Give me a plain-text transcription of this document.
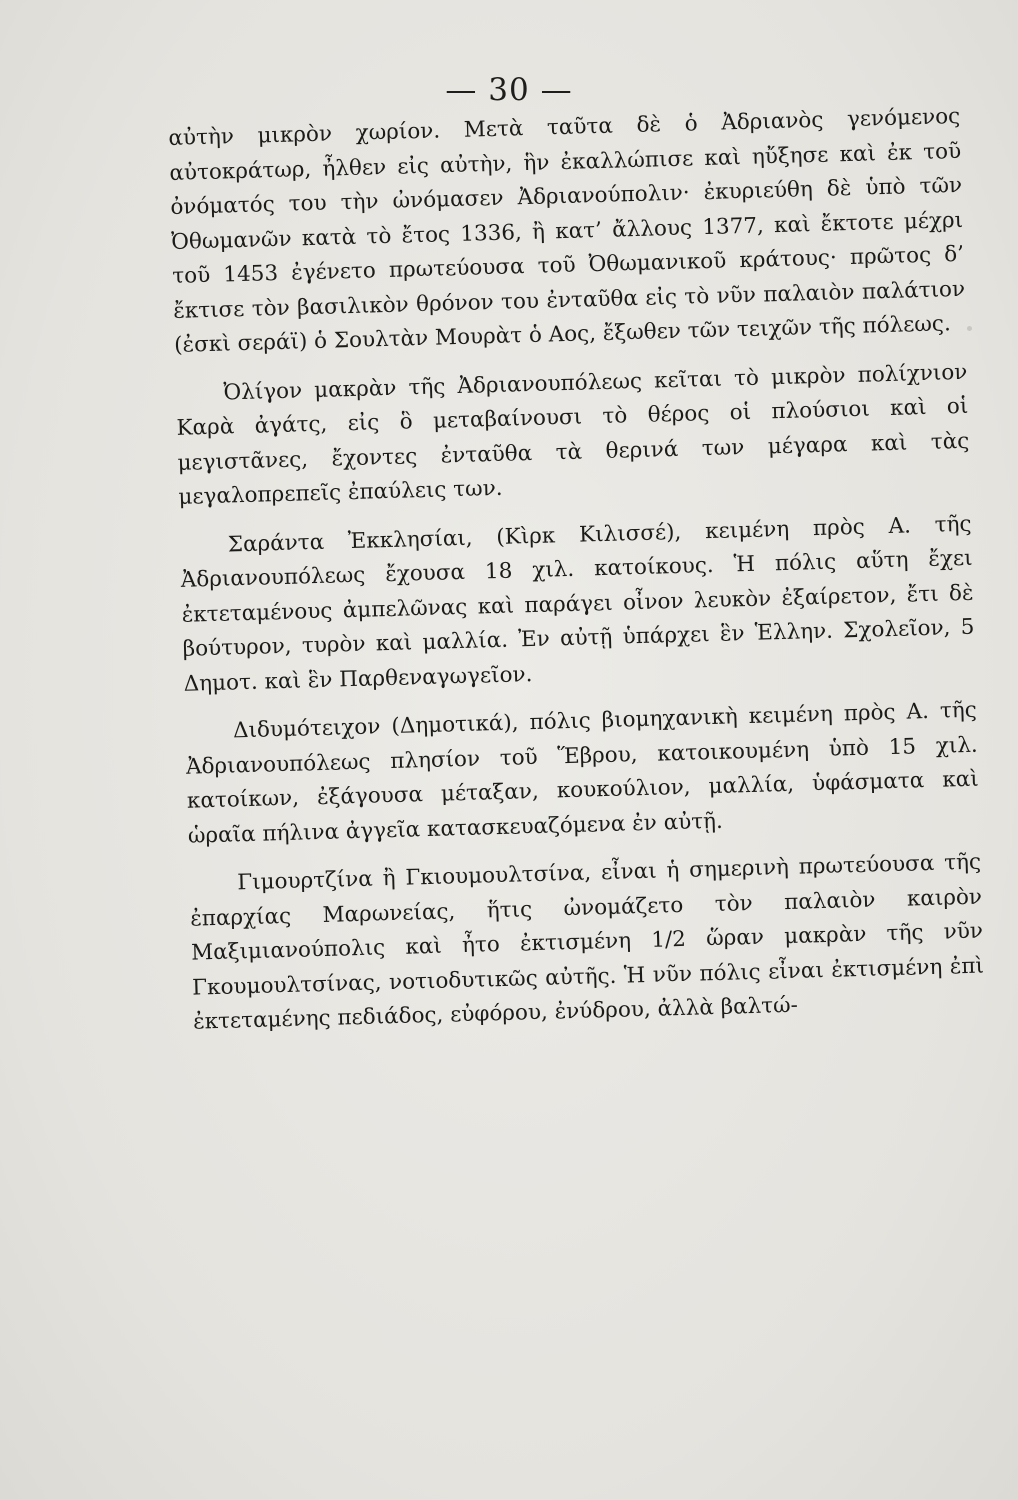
— 30 —

αὐτὴν μικρὸν χωρίον. Μετὰ ταῦτα δὲ ὁ Ἀδριανὸς γενόμενος αὐτοκράτωρ, ἦλθεν εἰς αὐτὴν, ἣν ἐκαλλώπισε καὶ ηὔξησε καὶ ἐκ τοῦ ὀνόματός του τὴν ὠνόμασεν Ἀδριανούπολιν· ἐκυριεύθη δὲ ὑπὸ τῶν Ὀθωμανῶν κατὰ τὸ ἔτος 1336, ἢ κατ’ ἄλλους 1377, καὶ ἔκτοτε μέχρι τοῦ 1453 ἐγένετο πρωτεύουσα τοῦ Ὀθωμανικοῦ κράτους· πρῶτος δ’ ἔκτισε τὸν βασιλικὸν θρόνον του ἐνταῦθα εἰς τὸ νῦν παλαιὸν παλάτιον (ἐσκὶ σεράϊ) ὁ Σουλτὰν Μουρὰτ ὁ Αος, ἔξωθεν τῶν τειχῶν τῆς πόλεως.

Ὀλίγον μακρὰν τῆς Ἀδριανουπόλεως κεῖται τὸ μικρὸν πολίχνιον Καρὰ ἀγάτς, εἰς ὃ μεταβαίνουσι τὸ θέρος οἱ πλούσιοι καὶ οἱ μεγιστᾶνες, ἔχοντες ἐνταῦθα τὰ θερινά των μέγαρα καὶ τὰς μεγαλοπρεπεῖς ἐπαύλεις των.

Σαράντα Ἐκκλησίαι, (Κὶρκ Κιλισσέ), κειμένη πρὸς Α. τῆς Ἀδριανουπόλεως ἔχουσα 18 χιλ. κατοίκους. Ἡ πόλις αὕτη ἔχει ἐκτεταμένους ἀμπελῶνας καὶ παράγει οἶνον λευκὸν ἐξαίρετον, ἔτι δὲ βούτυρον, τυρὸν καὶ μαλλία. Ἐν αὐτῇ ὑπάρχει ἓν Ἑλλην. Σχολεῖον, 5 Δημοτ. καὶ ἓν Παρθεναγωγεῖον.

Διδυμότειχον (Δημοτικά), πόλις βιομηχανικὴ κειμένη πρὸς Α. τῆς Ἀδριανουπόλεως πλησίον τοῦ Ἕβρου, κατοικουμένη ὑπὸ 15 χιλ. κατοίκων, ἐξάγουσα μέταξαν, κουκούλιον, μαλλία, ὑφάσματα καὶ ὡραῖα πήλινα ἀγγεῖα κατασκευαζόμενα ἐν αὐτῇ.

Γιμουρτζίνα ἢ Γκιουμουλτσίνα, εἶναι ἡ σημερινὴ πρωτεύουσα τῆς ἐπαρχίας Μαρωνείας, ἥτις ὠνομάζετο τὸν παλαιὸν καιρὸν Μαξιμιανούπολις καὶ ἦτο ἐκτισμένη 1/2 ὥραν μακρὰν τῆς νῦν Γκουμουλτσίνας, νοτιοδυτικῶς αὐτῆς. Ἡ νῦν πόλις εἶναι ἐκτισμένη ἐπὶ ἐκτεταμένης πεδιάδος, εὐφόρου, ἐνύδρου, ἀλλὰ βαλτώ-
